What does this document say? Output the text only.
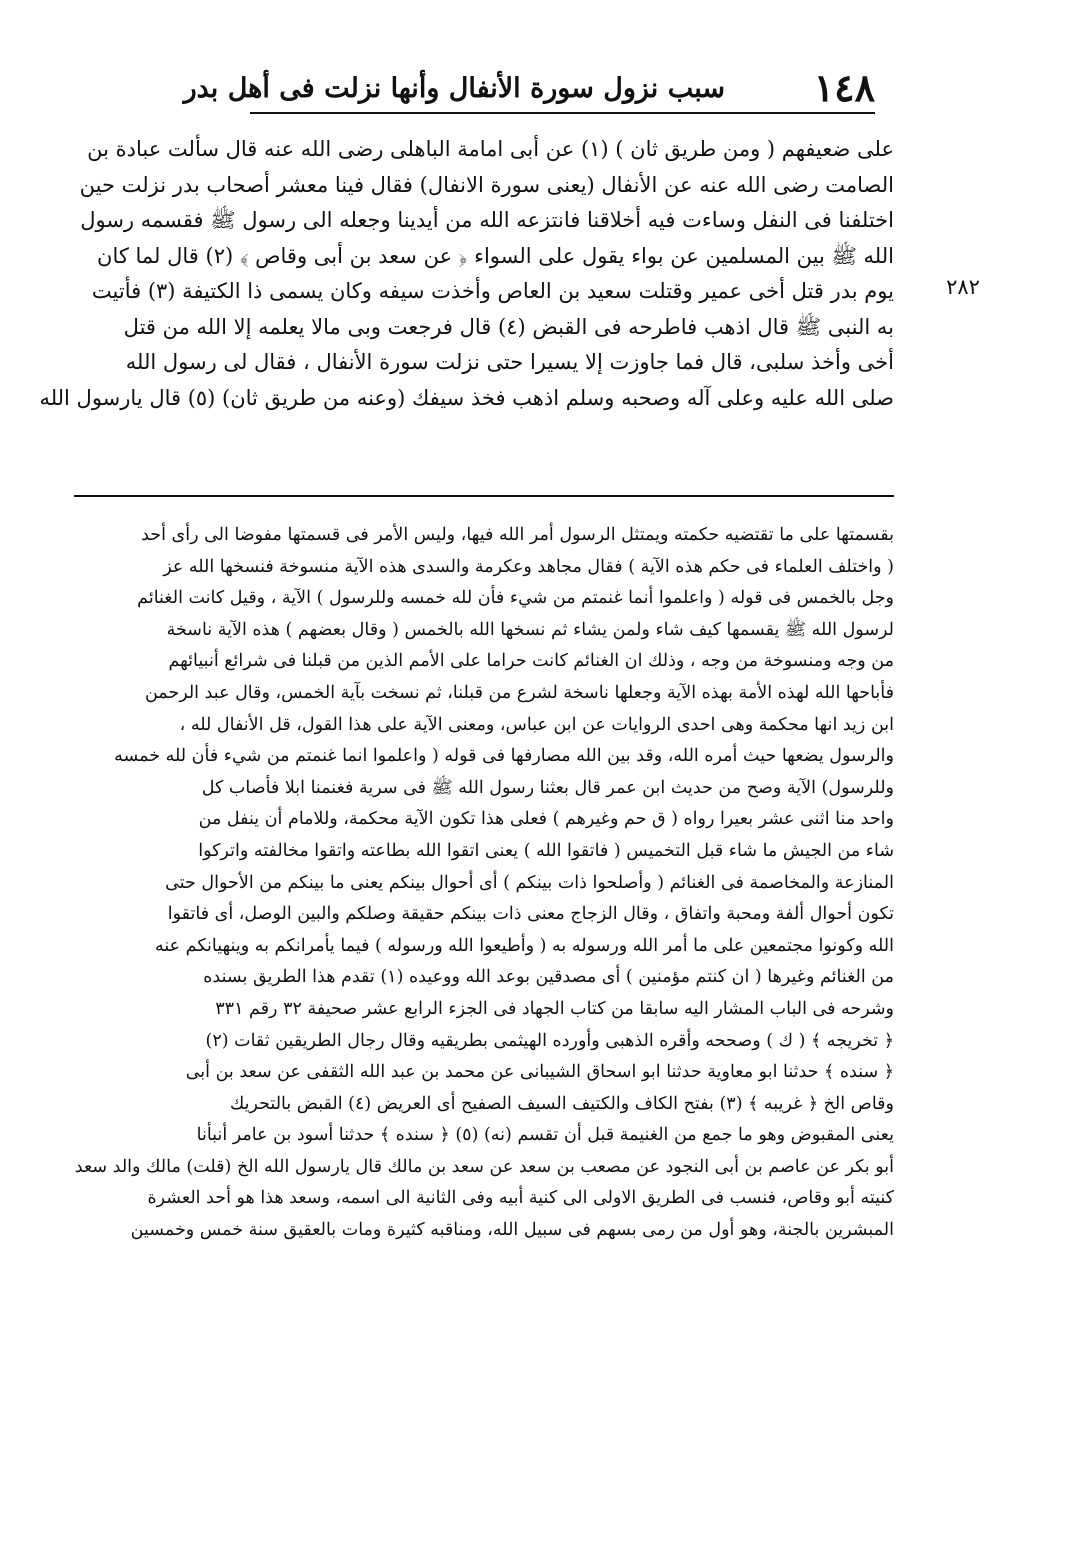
١٤٨
سبب نزول سورة الأنفال وأنها نزلت فى أهل بدر
٢٨٢

على ضعيفهم ( ومن طريق ثان ) (١) عن أبى امامة الباهلى رضى الله عنه قال سألت عبادة بن

الصامت رضى الله عنه عن الأنفال (يعنى سورة الانفال) فقال فينا معشر أصحاب بدر نزلت حين

اختلفنا فى النفل وساءت فيه أخلاقنا فانتزعه الله من أيدينا وجعله الى رسول ﷺ فقسمه رسول

الله ﷺ بين المسلمين عن بواء يقول على السواء ﴿ عن سعد بن أبى وقاص ﴾ (٢) قال لما كان

يوم بدر قتل أخى عمير وقتلت سعيد بن العاص وأخذت سيفه وكان يسمى ذا الكتيفة (٣) فأتيت

به النبى ﷺ قال اذهب فاطرحه فى القبض (٤) قال فرجعت وبى مالا يعلمه إلا الله من قتل

أخى وأخذ سلبى، قال فما جاوزت إلا يسيرا حتى نزلت سورة الأنفال ، فقال لى رسول الله

صلى الله عليه وعلى آله وصحبه وسلم اذهب فخذ سيفك (وعنه من طريق ثان) (٥) قال يارسول الله

بقسمتها على ما تقتضيه حكمته ويمتثل الرسول أمر الله فيها، وليس الأمر فى قسمتها مفوضا الى رأى أحد

( واختلف العلماء فى حكم هذه الآية ) فقال مجاهد وعكرمة والسدى هذه الآية منسوخة فنسخها الله عز

وجل بالخمس فى قوله ( واعلموا أنما غنمتم من شيء فأن لله خمسه وللرسول ) الآية ، وقيل كانت الغنائم

لرسول الله ﷺ يقسمها كيف شاء ولمن يشاء ثم نسخها الله بالخمس ( وقال بعضهم ) هذه الآية ناسخة

من وجه ومنسوخة من وجه ، وذلك ان الغنائم كانت حراما على الأمم الذين من قبلنا فى شرائع أنبيائهم

فأباحها الله لهذه الأمة بهذه الآية وجعلها ناسخة لشرع من قبلنا، ثم نسخت بآية الخمس، وقال عبد الرحمن

ابن زيد انها محكمة وهى احدى الروايات عن ابن عباس، ومعنى الآية على هذا القول، قل الأنفال لله ،

والرسول يضعها حيث أمره الله، وقد بين الله مصارفها فى قوله ( واعلموا انما غنمتم من شيء فأن لله خمسه

وللرسول) الآية وصح من حديث ابن عمر قال بعثنا رسول الله ﷺ فى سرية فغنمنا ابلا فأصاب كل

واحد منا اثنى عشر بعيرا رواه ( ق حم وغيرهم ) فعلى هذا تكون الآية محكمة، وللامام أن ينفل من

شاء من الجيش ما شاء قبل التخميس ( فاتقوا الله ) يعنى اتقوا الله بطاعته واتقوا مخالفته واتركوا

المنازعة والمخاصمة فى الغنائم ( وأصلحوا ذات بينكم ) أى أحوال بينكم يعنى ما بينكم من الأحوال حتى

تكون أحوال ألفة ومحبة واتفاق ، وقال الزجاج معنى ذات بينكم حقيقة وصلكم والبين الوصل، أى فاتقوا

الله وكونوا مجتمعين على ما أمر الله ورسوله به ( وأطيعوا الله ورسوله ) فيما يأمرانكم به وينهيانكم عنه

من الغنائم وغيرها ( ان كنتم مؤمنين ) أى مصدقين بوعد الله ووعيده (١) تقدم هذا الطريق بسنده

وشرحه فى الباب المشار اليه سابقا من كتاب الجهاد فى الجزء الرابع عشر صحيفة ٣٢ رقم ٣٣١

﴿ تخريجه ﴾ ( ك ) وصححه وأقره الذهبى وأورده الهيثمى بطريقيه وقال رجال الطريقين ثقات (٢)

﴿ سنده ﴾ حدثنا ابو معاوية حدثنا ابو اسحاق الشيبانى عن محمد بن عبد الله الثقفى عن سعد بن أبى

وقاص الخ ﴿ غريبه ﴾ (٣) بفتح الكاف والكتيف السيف الصفيح أى العريض (٤) القبض بالتحريك

يعنى المقبوض وهو ما جمع من الغنيمة قبل أن تقسم (نه) (٥) ﴿ سنده ﴾ حدثنا أسود بن عامر أنبأنا

أبو بكر عن عاصم بن أبى النجود عن مصعب بن سعد عن سعد بن مالك قال يارسول الله الخ (قلت) مالك والد سعد

كنيته أبو وقاص، فنسب فى الطريق الاولى الى كنية أبيه وفى الثانية الى اسمه، وسعد هذا هو أحد العشرة

المبشرين بالجنة، وهو أول من رمى بسهم فى سبيل الله، ومناقبه كثيرة ومات بالعقيق سنة خمس وخمسين
